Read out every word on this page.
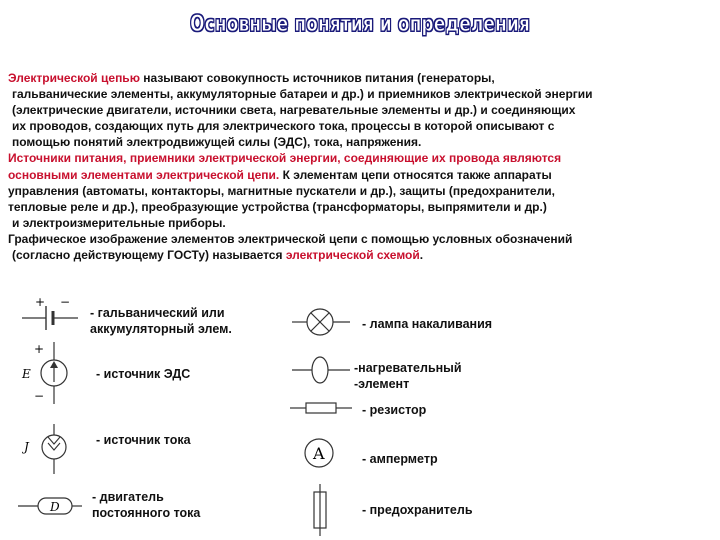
Основные понятия и определения

Электрической цепью называют совокупность источников питания (генераторы,

гальванические элементы, аккумуляторные батареи и др.) и приемников электрической энергии

(электрические двигатели, источники света, нагревательные элементы и др.) и соединяющих

их проводов, создающих путь для электрического тока, процессы в которой описывают с

помощью понятий электродвижущей силы (ЭДС), тока, напряжения.

Источники питания, приемники электрической энергии, соединяющие их провода являются

основными элементами электрической цепи. К элементам цепи относятся также аппараты

управления (автоматы, контакторы, магнитные пускатели и др.), защиты (предохранители,

тепловые реле и др.), преобразующие устройства (трансформаторы, выпрямители и др.)

и электроизмерительные приборы.

Графическое изображение элементов электрической цепи с помощью условных обозначений

(согласно действующему ГОСТу) называется электрической схемой.

+ −
- гальванический или
аккумуляторный элем.
+
E
−
- источник ЭДС
J	- источник тока
D
- двигатель
постоянного тока
- лампа накаливания
-нагревательный
-элемент
- резистор
A	- амперметр
- предохранитель
